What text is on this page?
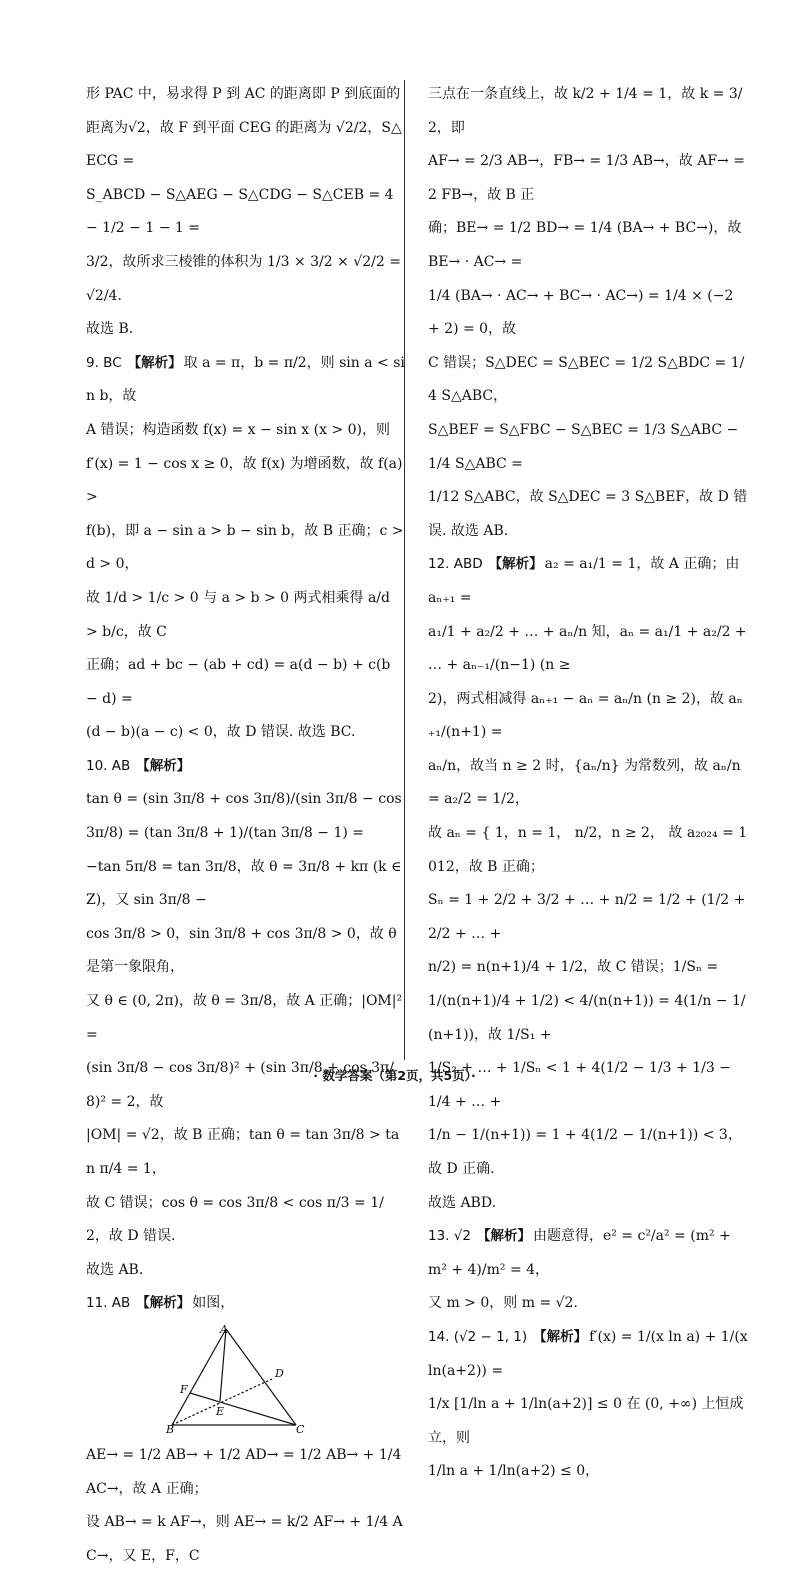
形 PAC 中，易求得 P 到 AC 的距离即 P 到底面的

距离为√2，故 F 到平面 CEG 的距离为 √2/2，S△ECG =

S_ABCD − S△AEG − S△CDG − S△CEB = 4 − 1/2 − 1 − 1 =

3/2，故所求三棱锥的体积为 1/3 × 3/2 × √2/2 = √2/4.

故选 B.

9. BC 【解析】 取 a = π，b = π/2，则 sin a < sin b，故

A 错误；构造函数 f(x) = x − sin x (x > 0)，则

f′(x) = 1 − cos x ≥ 0，故 f(x) 为增函数，故 f(a) >

f(b)，即 a − sin a > b − sin b，故 B 正确；c > d > 0，

故 1/d > 1/c > 0 与 a > b > 0 两式相乘得 a/d > b/c，故 C

正确；ad + bc − (ab + cd) = a(d − b) + c(b − d) =

(d − b)(a − c) < 0，故 D 错误. 故选 BC.

10. AB 【解析】

tan θ = (sin 3π/8 + cos 3π/8)/(sin 3π/8 − cos 3π/8) = (tan 3π/8 + 1)/(tan 3π/8 − 1) =

−tan 5π/8 = tan 3π/8，故 θ = 3π/8 + kπ (k ∈ Z)，又 sin 3π/8 −

cos 3π/8 > 0，sin 3π/8 + cos 3π/8 > 0，故 θ 是第一象限角，

又 θ ∈ (0, 2π)，故 θ = 3π/8，故 A 正确；|OM|² =

(sin 3π/8 − cos 3π/8)² + (sin 3π/8 + cos 3π/8)² = 2，故

|OM| = √2，故 B 正确；tan θ = tan 3π/8 > tan π/4 = 1，

故 C 错误；cos θ = cos 3π/8 < cos π/3 = 1/2，故 D 错误.

故选 AB.

11. AB 【解析】 如图，

A
B	C
D
E
F

AE→ = 1/2 AB→ + 1/2 AD→ = 1/2 AB→ + 1/4 AC→，故 A 正确；

设 AB→ = k AF→，则 AE→ = k/2 AF→ + 1/4 AC→，又 E，F，C

三点在一条直线上，故 k/2 + 1/4 = 1，故 k = 3/2，即

AF→ = 2/3 AB→，FB→ = 1/3 AB→，故 AF→ = 2 FB→，故 B 正

确；BE→ = 1/2 BD→ = 1/4 (BA→ + BC→)，故 BE→ · AC→ =

1/4 (BA→ · AC→ + BC→ · AC→) = 1/4 × (−2 + 2) = 0，故

C 错误；S△DEC = S△BEC = 1/2 S△BDC = 1/4 S△ABC，

S△BEF = S△FBC − S△BEC = 1/3 S△ABC − 1/4 S△ABC =

1/12 S△ABC，故 S△DEC = 3 S△BEF，故 D 错误. 故选 AB.

12. ABD 【解析】 a₂ = a₁/1 = 1，故 A 正确；由 aₙ₊₁ =

a₁/1 + a₂/2 + … + aₙ/n 知，aₙ = a₁/1 + a₂/2 + … + aₙ₋₁/(n−1) (n ≥

2)，两式相减得 aₙ₊₁ − aₙ = aₙ/n (n ≥ 2)，故 aₙ₊₁/(n+1) =

aₙ/n，故当 n ≥ 2 时，{aₙ/n} 为常数列，故 aₙ/n = a₂/2 = 1/2，

故 aₙ = { 1，n = 1， n/2，n ≥ 2， 故 a₂₀₂₄ = 1 012，故 B 正确；

Sₙ = 1 + 2/2 + 3/2 + … + n/2 = 1/2 + (1/2 + 2/2 + … +

n/2) = n(n+1)/4 + 1/2，故 C 错误；1/Sₙ =

1/(n(n+1)/4 + 1/2) < 4/(n(n+1)) = 4(1/n − 1/(n+1))，故 1/S₁ +

1/S₂ + … + 1/Sₙ < 1 + 4(1/2 − 1/3 + 1/3 − 1/4 + … +

1/n − 1/(n+1)) = 1 + 4(1/2 − 1/(n+1)) < 3，故 D 正确.

故选 ABD.

13. √2 【解析】 由题意得，e² = c²/a² = (m² + m² + 4)/m² = 4，

又 m > 0，则 m = √2.

14. (√2 − 1, 1) 【解析】 f′(x) = 1/(x ln a) + 1/(x ln(a+2)) =

1/x [1/ln a + 1/ln(a+2)] ≤ 0 在 (0, +∞) 上恒成立，则

1/ln a + 1/ln(a+2) ≤ 0，

· 数学答案（第2页，共5页）·
